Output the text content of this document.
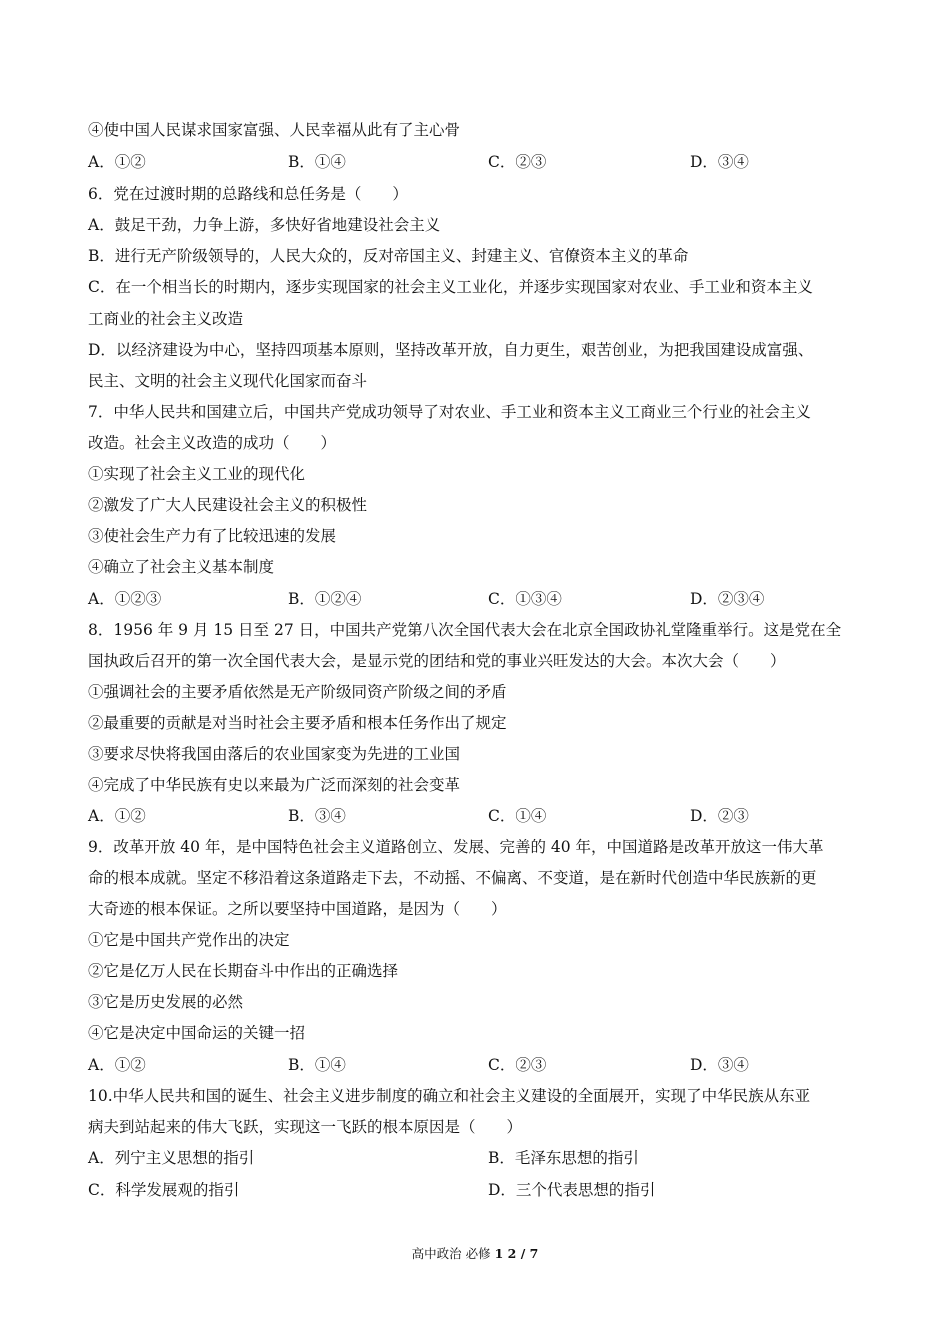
④使中国人民谋求国家富强、人民幸福从此有了主心骨
A．①②	B．①④	C．②③	D．③④
6．党在过渡时期的总路线和总任务是（　　）
A．鼓足干劲，力争上游，多快好省地建设社会主义
B．进行无产阶级领导的，人民大众的，反对帝国主义、封建主义、官僚资本主义的革命
C．在一个相当长的时期内，逐步实现国家的社会主义工业化，并逐步实现国家对农业、手工业和资本主义
工商业的社会主义改造
D．以经济建设为中心，坚持四项基本原则，坚持改革开放，自力更生，艰苦创业，为把我国建设成富强、
民主、文明的社会主义现代化国家而奋斗
7．中华人民共和国建立后，中国共产党成功领导了对农业、手工业和资本主义工商业三个行业的社会主义
改造。社会主义改造的成功（　　）
①实现了社会主义工业的现代化
②激发了广大人民建设社会主义的积极性
③使社会生产力有了比较迅速的发展
④确立了社会主义基本制度
A．①②③	B．①②④	C．①③④	D．②③④
8．1956 年 9 月 15 日至 27 日，中国共产党第八次全国代表大会在北京全国政协礼堂隆重举行。这是党在全
国执政后召开的第一次全国代表大会，是显示党的团结和党的事业兴旺发达的大会。本次大会（　　）
①强调社会的主要矛盾依然是无产阶级同资产阶级之间的矛盾
②最重要的贡献是对当时社会主要矛盾和根本任务作出了规定
③要求尽快将我国由落后的农业国家变为先进的工业国
④完成了中华民族有史以来最为广泛而深刻的社会变革
A．①②	B．③④	C．①④	D．②③
9．改革开放 40 年，是中国特色社会主义道路创立、发展、完善的 40 年，中国道路是改革开放这一伟大革
命的根本成就。坚定不移沿着这条道路走下去，不动摇、不偏离、不变道，是在新时代创造中华民族新的更
大奇迹的根本保证。之所以要坚持中国道路，是因为（　　）
①它是中国共产党作出的决定
②它是亿万人民在长期奋斗中作出的正确选择
③它是历史发展的必然
④它是决定中国命运的关键一招
A．①②	B．①④	C．②③	D．③④
10.中华人民共和国的诞生、社会主义进步制度的确立和社会主义建设的全面展开，实现了中华民族从东亚
病夫到站起来的伟大飞跃，实现这一飞跃的根本原因是（　　）
A．列宁主义思想的指引	B．毛泽东思想的指引
C．科学发展观的指引	D．三个代表思想的指引
高中政治 必修 1 2 / 7
